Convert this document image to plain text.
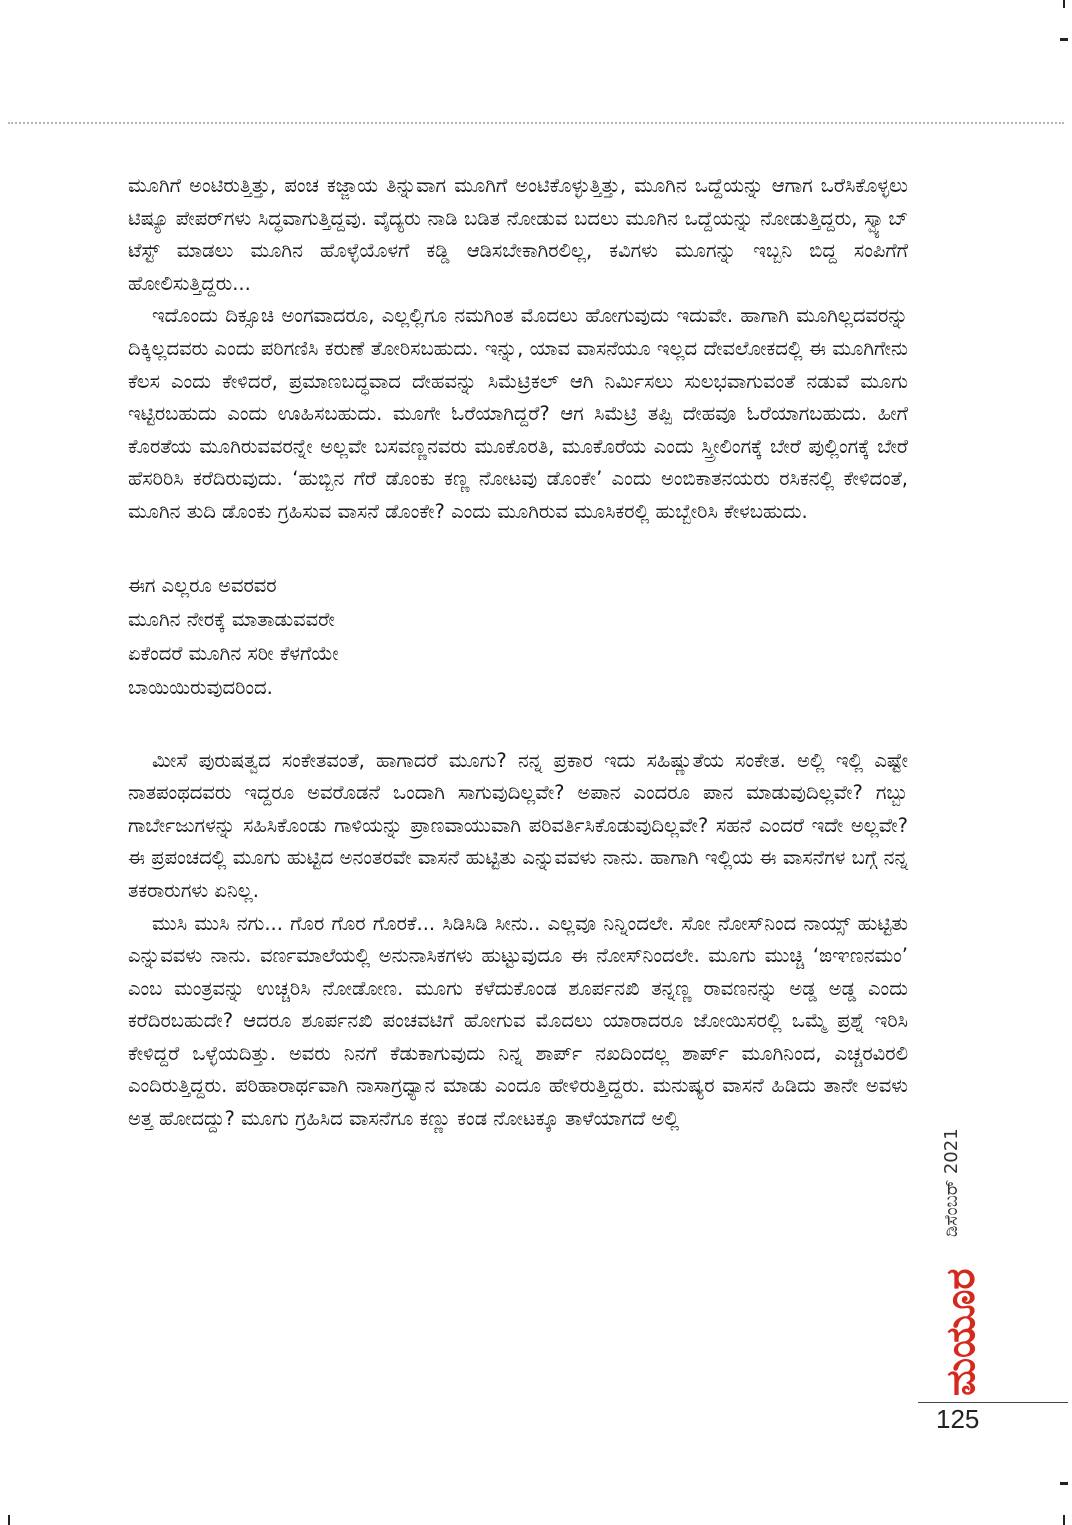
ಮೂಗಿಗೆ ಅಂಟಿರುತ್ತಿತ್ತು, ಪಂಚ ಕಜ್ಜಾಯ ತಿನ್ನುವಾಗ ಮೂಗಿಗೆ ಅಂಟಿಕೊಳ್ಳುತ್ತಿತ್ತು, ಮೂಗಿನ ಒದ್ದೆಯನ್ನು ಆಗಾಗ ಒರೆಸಿಕೊಳ್ಳಲು ಟಿಷ್ಯೂ ಪೇಪರ್‌ಗಳು ಸಿದ್ಧವಾಗುತ್ತಿದ್ದವು. ವೈದ್ಯರು ನಾಡಿ ಬಡಿತ ನೋಡುವ ಬದಲು ಮೂಗಿನ ಒದ್ದೆಯನ್ನು ನೋಡುತ್ತಿದ್ದರು, ಸ್ವ್ಯಾಬ್ ಟೆಸ್ಟ್ ಮಾಡಲು ಮೂಗಿನ ಹೊಳ್ಳೆಯೊಳಗೆ ಕಡ್ಡಿ ಆಡಿಸಬೇಕಾಗಿರಲಿಲ್ಲ, ಕವಿಗಳು ಮೂಗನ್ನು ಇಬ್ಬನಿ ಬಿದ್ದ ಸಂಪಿಗೆಗೆ ಹೋಲಿಸುತ್ತಿದ್ದರು...

ಇದೊಂದು ದಿಕ್ಸೂಚಿ ಅಂಗವಾದರೂ, ಎಲ್ಲಲ್ಲಿಗೂ ನಮಗಿಂತ ಮೊದಲು ಹೋಗುವುದು ಇದುವೇ. ಹಾಗಾಗಿ ಮೂಗಿಲ್ಲದವರನ್ನು ದಿಕ್ಕಿಲ್ಲದವರು ಎಂದು ಪರಿಗಣಿಸಿ ಕರುಣೆ ತೋರಿಸಬಹುದು. ಇನ್ನು, ಯಾವ ವಾಸನೆಯೂ ಇಲ್ಲದ ದೇವಲೋಕದಲ್ಲಿ ಈ ಮೂಗಿಗೇನು ಕೆಲಸ ಎಂದು ಕೇಳಿದರೆ, ಪ್ರಮಾಣಬದ್ಧವಾದ ದೇಹವನ್ನು ಸಿಮೆಟ್ರಿಕಲ್ ಆಗಿ ನಿರ್ಮಿಸಲು ಸುಲಭವಾಗುವಂತೆ ನಡುವೆ ಮೂಗು ಇಟ್ಟಿರಬಹುದು ಎಂದು ಊಹಿಸಬಹುದು. ಮೂಗೇ ಓರೆಯಾಗಿದ್ದರೆ? ಆಗ ಸಿಮೆಟ್ರಿ ತಪ್ಪಿ ದೇಹವೂ ಓರೆಯಾಗಬಹುದು. ಹೀಗೆ ಕೊರತೆಯ ಮೂಗಿರುವವರನ್ನೇ ಅಲ್ಲವೇ ಬಸವಣ್ಣನವರು ಮೂಕೊರತಿ, ಮೂಕೊರೆಯ ಎಂದು ಸ್ತ್ರೀಲಿಂಗಕ್ಕೆ ಬೇರೆ ಪುಲ್ಲಿಂಗಕ್ಕೆ ಬೇರೆ ಹೆಸರಿರಿಸಿ ಕರೆದಿರುವುದು. ‘ಹುಬ್ಬಿನ ಗೆರೆ ಡೊಂಕು ಕಣ್ಣ ನೋಟವು ಡೊಂಕೇ’ ಎಂದು ಅಂಬಿಕಾತನಯರು ರಸಿಕನಲ್ಲಿ ಕೇಳಿದಂತೆ, ಮೂಗಿನ ತುದಿ ಡೊಂಕು ಗ್ರಹಿಸುವ ವಾಸನೆ ಡೊಂಕೇ? ಎಂದು ಮೂಗಿರುವ ಮೂಸಿಕರಲ್ಲಿ ಹುಬ್ಬೇರಿಸಿ ಕೇಳಬಹುದು.

ಈಗ ಎಲ್ಲರೂ ಅವರವರ
ಮೂಗಿನ ನೇರಕ್ಕೆ ಮಾತಾಡುವವರೇ
ಏಕೆಂದರೆ ಮೂಗಿನ ಸರೀ ಕೆಳಗೆಯೇ
ಬಾಯಿಯಿರುವುದರಿಂದ.

ಮೀಸೆ ಪುರುಷತ್ವದ ಸಂಕೇತವಂತೆ, ಹಾಗಾದರೆ ಮೂಗು? ನನ್ನ ಪ್ರಕಾರ ಇದು ಸಹಿಷ್ಣುತೆಯ ಸಂಕೇತ. ಅಲ್ಲಿ ಇಲ್ಲಿ ಎಷ್ಟೇ ನಾತಪಂಥದವರು ಇದ್ದರೂ ಅವರೊಡನೆ ಒಂದಾಗಿ ಸಾಗುವುದಿಲ್ಲವೇ? ಅಪಾನ ಎಂದರೂ ಪಾನ ಮಾಡುವುದಿಲ್ಲವೇ? ಗಬ್ಬು ಗಾರ್ಬೇಜುಗಳನ್ನು ಸಹಿಸಿಕೊಂಡು ಗಾಳಿಯನ್ನು ಪ್ರಾಣವಾಯುವಾಗಿ ಪರಿವರ್ತಿಸಿಕೊಡುವುದಿಲ್ಲವೇ? ಸಹನೆ ಎಂದರೆ ಇದೇ ಅಲ್ಲವೇ? ಈ ಪ್ರಪಂಚದಲ್ಲಿ ಮೂಗು ಹುಟ್ಟಿದ ಅನಂತರವೇ ವಾಸನೆ ಹುಟ್ಟಿತು ಎನ್ನುವವಳು ನಾನು. ಹಾಗಾಗಿ ಇಲ್ಲಿಯ ಈ ವಾಸನೆಗಳ ಬಗ್ಗೆ ನನ್ನ ತಕರಾರುಗಳು ಏನಿಲ್ಲ.

ಮುಸಿ ಮುಸಿ ನಗು... ಗೊರ ಗೊರ ಗೊರಕೆ... ಸಿಡಿಸಿಡಿ ಸೀನು.. ಎಲ್ಲವೂ ನಿನ್ನಿಂದಲೇ. ಸೋ ನೋಸ್‌ನಿಂದ ನಾಯ್ಸ್ ಹುಟ್ಟಿತು ಎನ್ನುವವಳು ನಾನು. ವರ್ಣಮಾಲೆಯಲ್ಲಿ ಅನುನಾಸಿಕಗಳು ಹುಟ್ಟುವುದೂ ಈ ನೋಸ್‌ನಿಂದಲೇ. ಮೂಗು ಮುಚ್ಚಿ ‘ಙಞಣನಮಂ’ ಎಂಬ ಮಂತ್ರವನ್ನು ಉಚ್ಚರಿಸಿ ನೋಡೋಣ. ಮೂಗು ಕಳೆದುಕೊಂಡ ಶೂರ್ಪನಖಿ ತನ್ನಣ್ಣ ರಾವಣನನ್ನು ಅಡ್ಡ ಅಡ್ಡ ಎಂದು ಕರೆದಿರಬಹುದೇ? ಆದರೂ ಶೂರ್ಪನಖಿ ಪಂಚವಟಿಗೆ ಹೋಗುವ ಮೊದಲು ಯಾರಾದರೂ ಜೋಯಿಸರಲ್ಲಿ ಒಮ್ಮೆ ಪ್ರಶ್ನೆ ಇರಿಸಿ ಕೇಳಿದ್ದರೆ ಒಳ್ಳೆಯದಿತ್ತು. ಅವರು ನಿನಗೆ ಕೆಡುಕಾಗುವುದು ನಿನ್ನ ಶಾರ್ಪ್ ನಖದಿಂದಲ್ಲ ಶಾರ್ಪ್ ಮೂಗಿನಿಂದ, ಎಚ್ಚರವಿರಲಿ ಎಂದಿರುತ್ತಿದ್ದರು. ಪರಿಹಾರಾರ್ಥವಾಗಿ ನಾಸಾಗ್ರಧ್ಯಾನ ಮಾಡು ಎಂದೂ ಹೇಳಿರುತ್ತಿದ್ದರು. ಮನುಷ್ಯರ ವಾಸನೆ ಹಿಡಿದು ತಾನೇ ಅವಳು ಅತ್ತ ಹೋದದ್ದು? ಮೂಗು ಗ್ರಹಿಸಿದ ವಾಸನೆಗೂ ಕಣ್ಣು ಕಂಡ ನೋಟಕ್ಕೂ ತಾಳೆಯಾಗದೆ ಅಲ್ಲಿ

ಡಿಸೆಂಬರ್ 2021
ಮಯೂರ
125
